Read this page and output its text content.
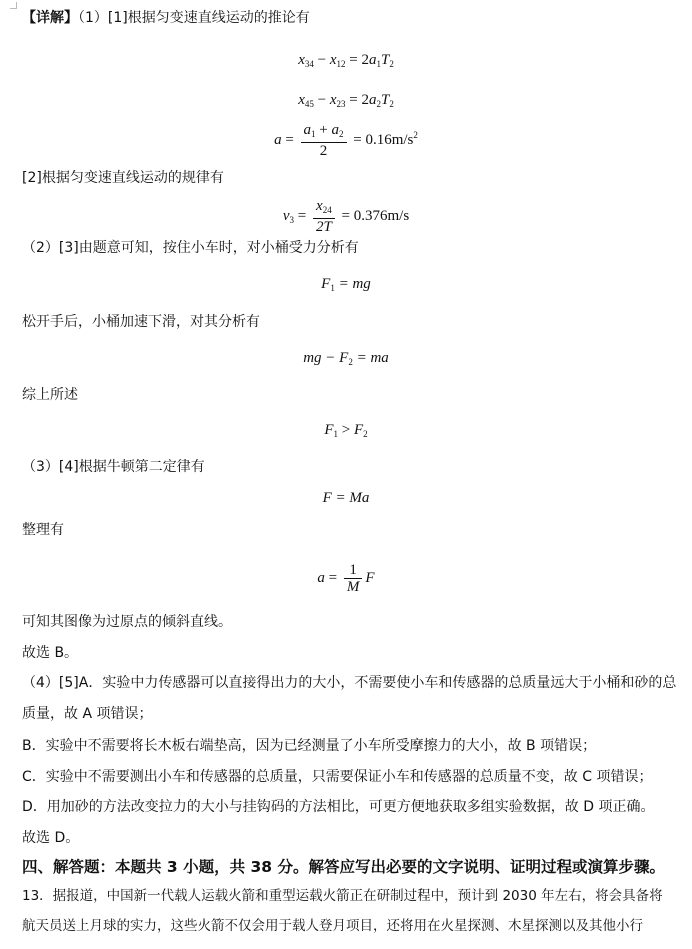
【详解】（1）[1]根据匀变速直线运动的推论有
$x_{34} - x_{12} = 2a_1T_2$
$x_{45} - x_{23} = 2a_2T_2$
$a = \frac{a_1 + a_2}{2} = 0.16m/s^2$
[2]根据匀变速直线运动的规律有
$v_3 = \frac{x_{24}}{2T} = 0.376m/s$
（2）[3]由题意可知，按住小车时，对小桶受力分析有
$F_1$ = mg
松开手后，小桶加速下滑，对其分析有
mg − $F_2$ = ma
综上所述
$F_1 > F_2$
（3）[4]根据牛顿第二定律有
F = Ma
整理有
$a = \frac{1}{M}$ F
可知其图像为过原点的倾斜直线。
故选 B。
（4）[5]A．实验中力传感器可以直接得出力的大小，不需要使小车和传感器的总质量远大于小桶和砂的总
质量，故 A 项错误；
B．实验中不需要将长木板右端垫高，因为已经测量了小车所受摩擦力的大小，故 B 项错误；
C．实验中不需要测出小车和传感器的总质量，只需要保证小车和传感器的总质量不变，故 C 项错误；
D．用加砂的方法改变拉力的大小与挂钩码的方法相比，可更方便地获取多组实验数据，故 D 项正确。
故选 D。
四、解答题：本题共 3 小题，共 38 分。解答应写出必要的文字说明、证明过程或演算步骤。
13．据报道，中国新一代载人运载火箭和重型运载火箭正在研制过程中，预计到 2030 年左右，将会具备将
航天员送上月球的实力，这些火箭不仅会用于载人登月项目，还将用在火星探测、木星探测以及其他小行
